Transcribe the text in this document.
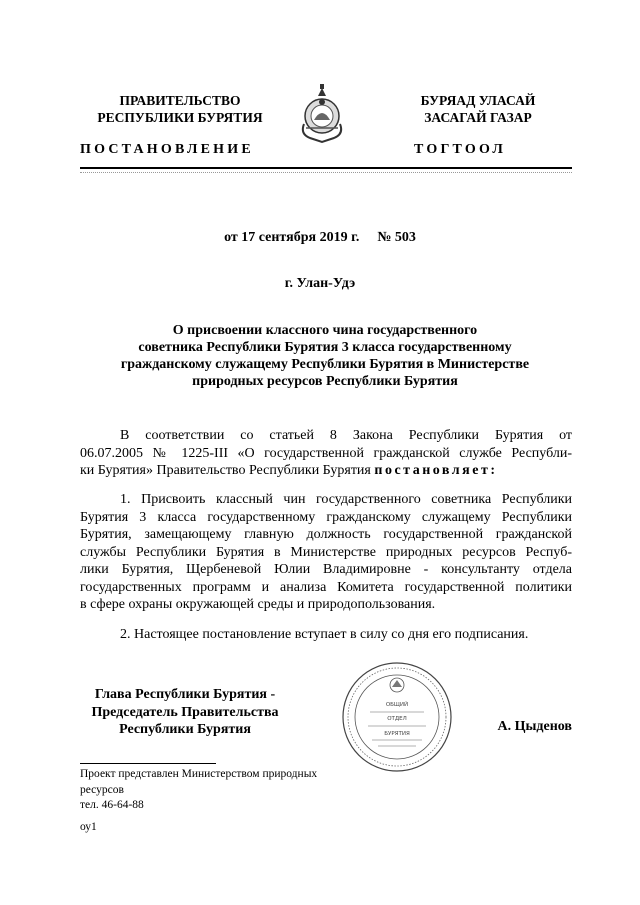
ПРАВИТЕЛЬСТВО
РЕСПУБЛИКИ БУРЯТИЯ
БУРЯАД УЛАСАЙ
ЗАСАГАЙ ГАЗАР
ПОСТАНОВЛЕНИЕ	ТОГТООЛ
от 17 сентября 2019 г. № 503
г. Улан-Удэ
О присвоении классного чина государственного
советника Республики Бурятия 3 класса государственному
гражданскому служащему Республики Бурятия в Министерстве
природных ресурсов Республики Бурятия
В соответствии со статьей 8 Закона Республики Бурятия от
06.07.2005 № 1225-III «О государственной гражданской службе Республи-
ки Бурятия» Правительство Республики Бурятия постановляет:
1. Присвоить классный чин государственного советника Республики
Бурятия 3 класса государственному гражданскому служащему Республики
Бурятия, замещающему главную должность государственной гражданской
службы Республики Бурятия в Министерстве природных ресурсов Респуб-
лики Бурятия, Щербеневой Юлии Владимировне - консультанту отдела
государственных программ и анализа Комитета государственной политики
в сфере охраны окружающей среды и природопользования.
2. Настоящее постановление вступает в силу со дня его подписания.
Глава Республики Бурятия -
Председатель Правительства
Республики Бурятия
ОБЩИЙ
ОТДЕЛ
БУРЯТИЯ	А. Цыденов
Проект представлен Министерством природных
ресурсов
тел. 46-64-88
оу1
